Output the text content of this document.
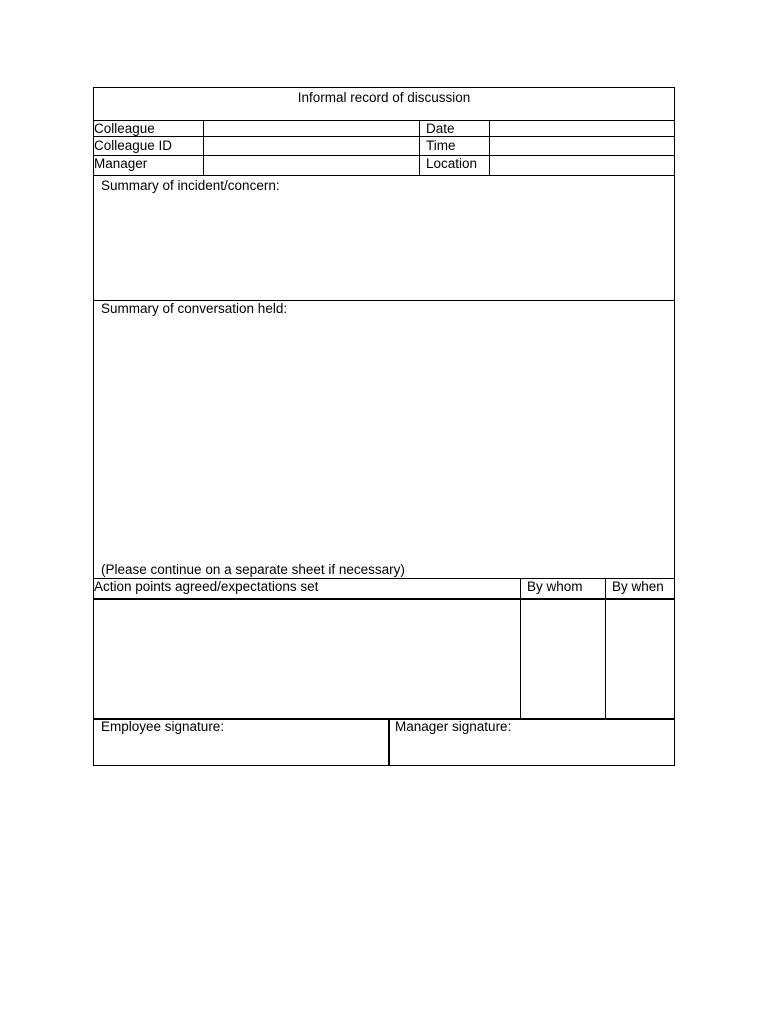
Informal record of discussion
Colleague
Colleague ID
Manager
Date
Time
Location
Summary of incident/concern:
Summary of conversation held:
(Please continue on a separate sheet if necessary)
Action points agreed/expectations set	By whom By when
Employee signature:	Manager signature:
